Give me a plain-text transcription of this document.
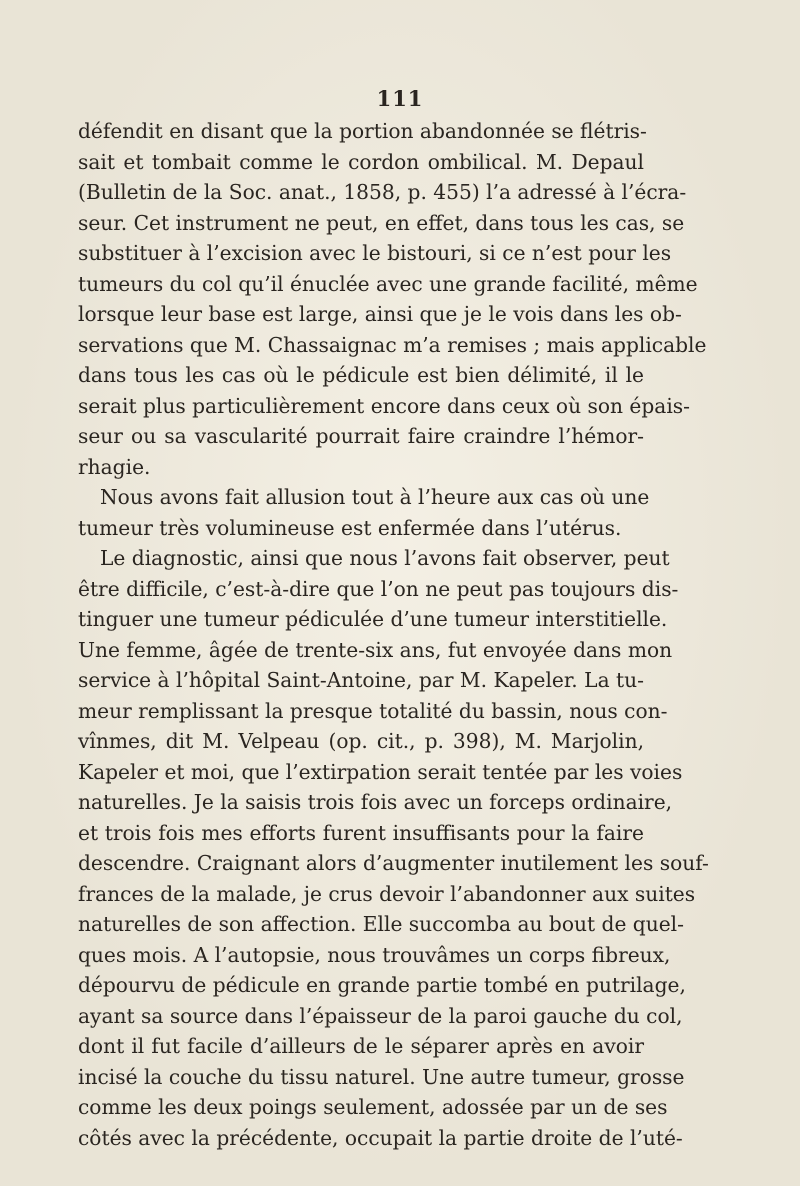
111
défendit en disant que la portion abandonnée se flétris-
sait et tombait comme le cordon ombilical. M. Depaul
(Bulletin de la Soc. anat., 1858, p. 455) l’a adressé à l’écra-
seur. Cet instrument ne peut, en effet, dans tous les cas, se
substituer à l’excision avec le bistouri, si ce n’est pour les
tumeurs du col qu’il énuclée avec une grande facilité, même
lorsque leur base est large, ainsi que je le vois dans les ob-
servations que M. Chassaignac m’a remises ; mais applicable
dans tous les cas où le pédicule est bien délimité, il le
serait plus particulièrement encore dans ceux où son épais-
seur ou sa vascularité pourrait faire craindre l’hémor-
rhagie.
Nous avons fait allusion tout à l’heure aux cas où une
tumeur très volumineuse est enfermée dans l’utérus.
Le diagnostic, ainsi que nous l’avons fait observer, peut
être difficile, c’est-à-dire que l’on ne peut pas toujours dis-
tinguer une tumeur pédiculée d’une tumeur interstitielle.
Une femme, âgée de trente-six ans, fut envoyée dans mon
service à l’hôpital Saint-Antoine, par M. Kapeler. La tu-
meur remplissant la presque totalité du bassin, nous con-
vînmes, dit M. Velpeau (op. cit., p. 398), M. Marjolin,
Kapeler et moi, que l’extirpation serait tentée par les voies
naturelles. Je la saisis trois fois avec un forceps ordinaire,
et trois fois mes efforts furent insuffisants pour la faire
descendre. Craignant alors d’augmenter inutilement les souf-
frances de la malade, je crus devoir l’abandonner aux suites
naturelles de son affection. Elle succomba au bout de quel-
ques mois. A l’autopsie, nous trouvâmes un corps fibreux,
dépourvu de pédicule en grande partie tombé en putrilage,
ayant sa source dans l’épaisseur de la paroi gauche du col,
dont il fut facile d’ailleurs de le séparer après en avoir
incisé la couche du tissu naturel. Une autre tumeur, grosse
comme les deux poings seulement, adossée par un de ses
côtés avec la précédente, occupait la partie droite de l’uté-
